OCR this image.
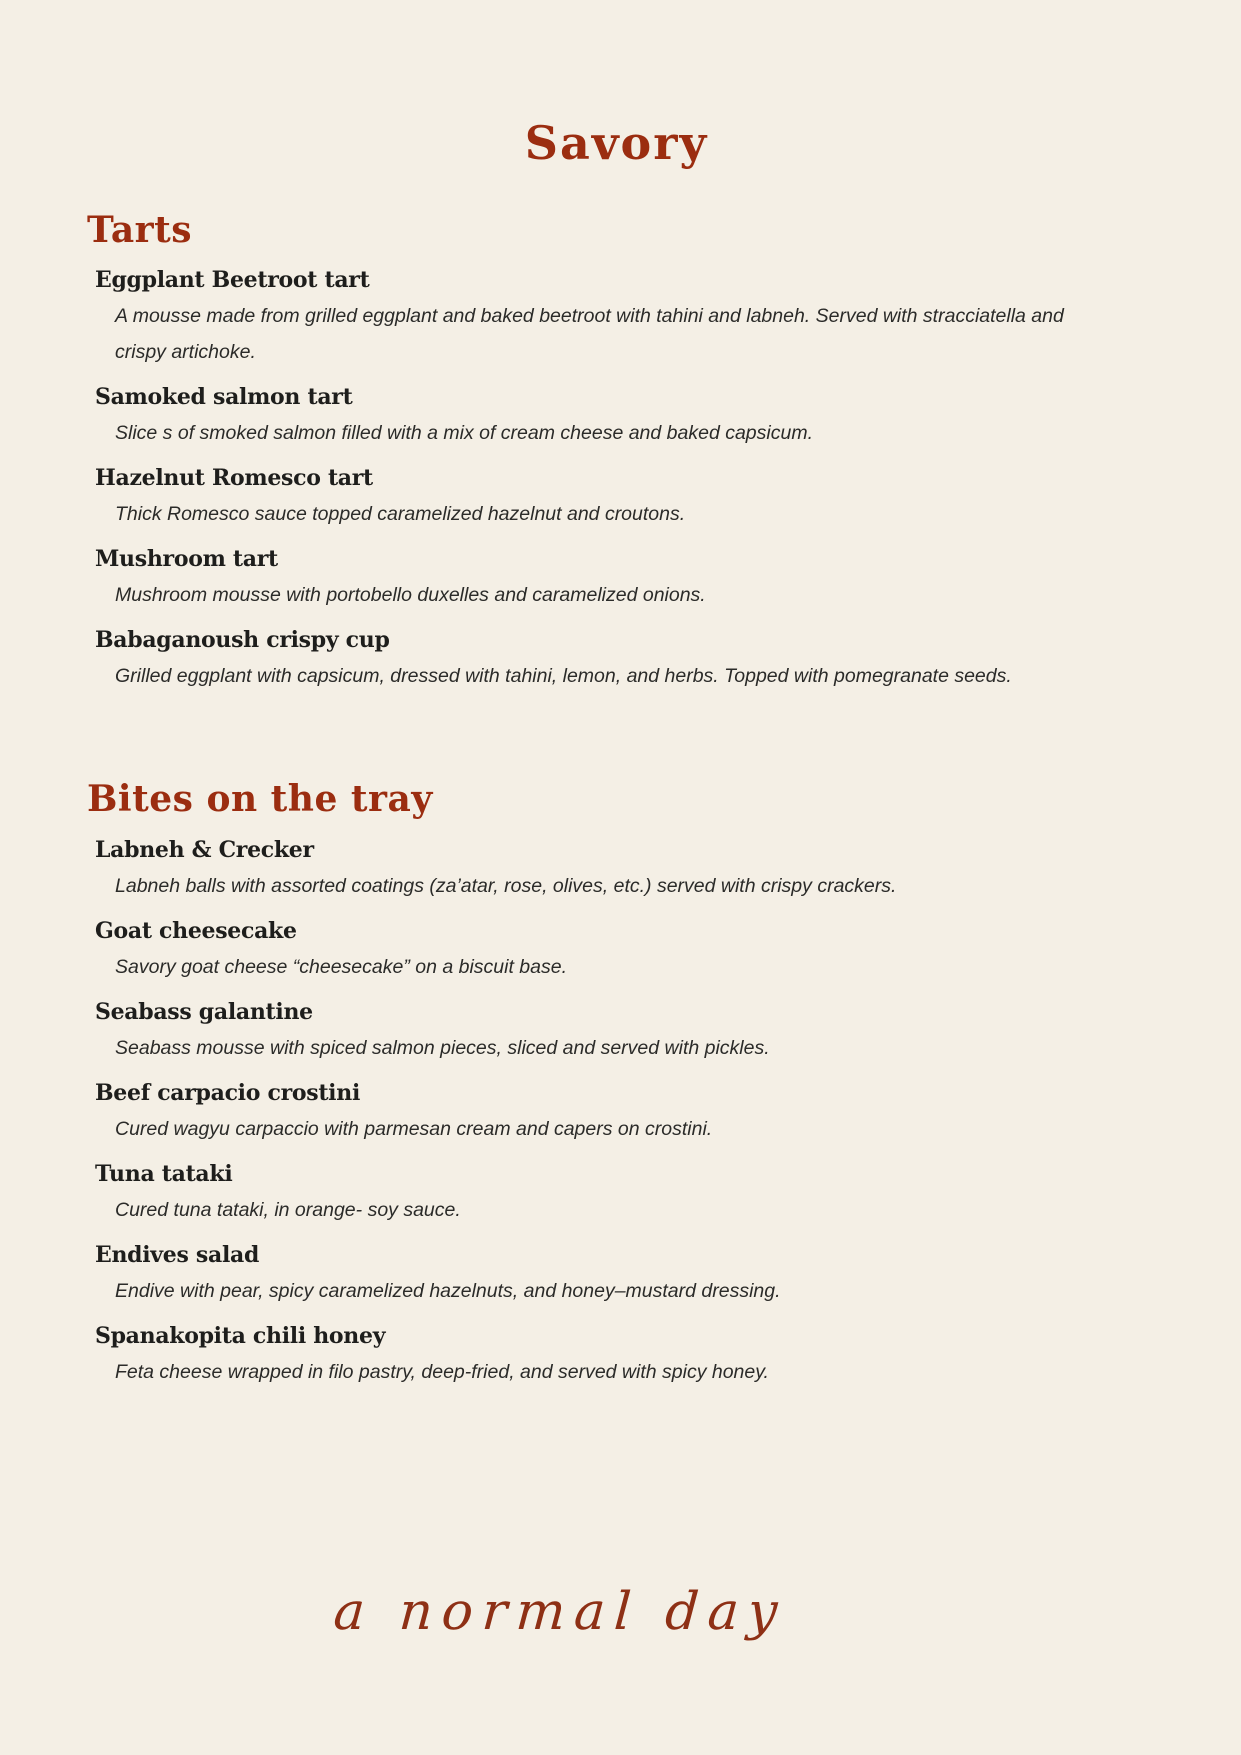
Savory
Tarts
Eggplant Beetroot tart
A mousse made from grilled eggplant and baked beetroot with tahini and labneh. Served with stracciatella and crispy artichoke.
Samoked salmon tart
Slice s of smoked salmon filled with a mix of cream cheese and baked capsicum.
Hazelnut Romesco tart
Thick Romesco sauce topped caramelized hazelnut and croutons.
Mushroom tart
Mushroom mousse with portobello duxelles and caramelized onions.
Babaganoush crispy cup
Grilled eggplant with capsicum, dressed with tahini, lemon, and herbs. Topped with pomegranate seeds.
Bites on the tray
Labneh & Crecker
Labneh balls with assorted coatings (za’atar, rose, olives, etc.) served with crispy crackers.
Goat cheesecake
Savory goat cheese “cheesecake” on a biscuit base.
Seabass galantine
Seabass mousse with spiced salmon pieces, sliced and served with pickles.
Beef carpacio crostini
Cured wagyu carpaccio with parmesan cream and capers on crostini.
Tuna tataki
Cured tuna tataki, in orange- soy sauce.
Endives salad
Endive with pear, spicy caramelized hazelnuts, and honey–mustard dressing.
Spanakopita chili honey
Feta cheese wrapped in filo pastry, deep-fried, and served with spicy honey.
a normal day
